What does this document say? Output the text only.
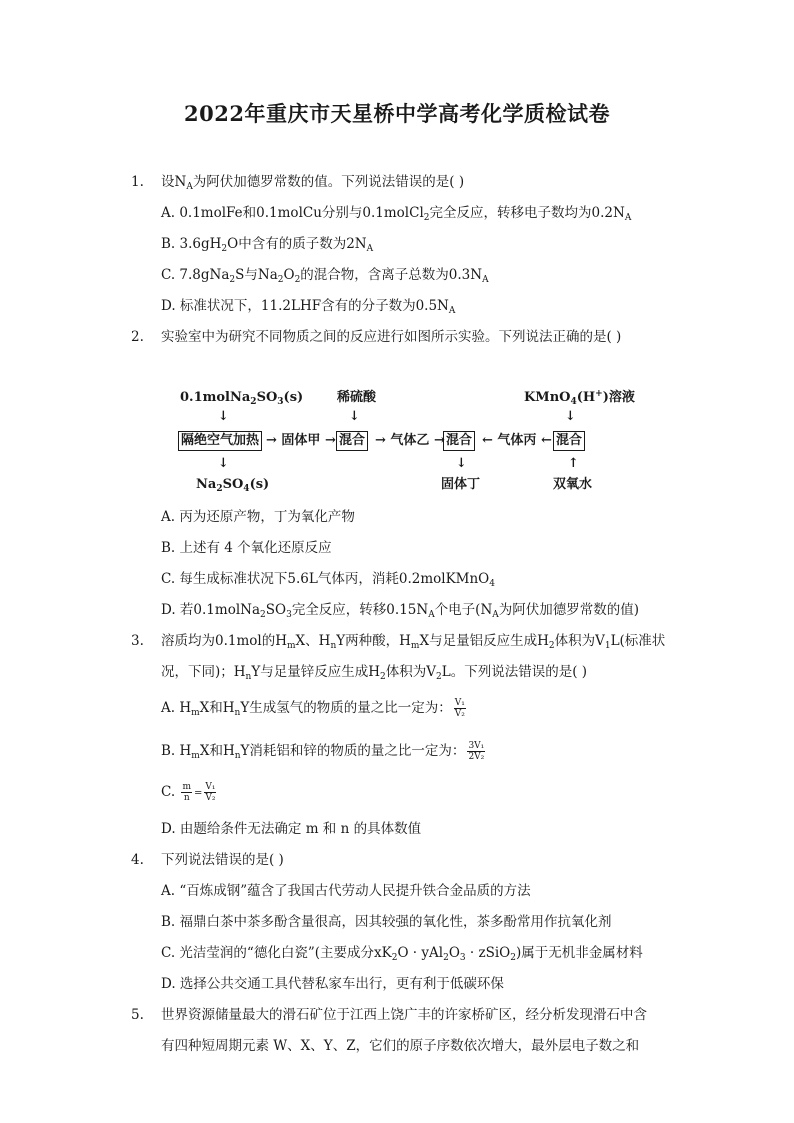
2022年重庆市天星桥中学高考化学质检试卷
1. 设$N_A$为阿伏加德罗常数的值。下列说法错误的是( )
A. 0.1molFe和0.1molCu分别与0.1molCl$_2$完全反应，转移电子数均为$0.2N_A$
B. $3.6gH_2O$中含有的质子数为$2N_A$
C. 7.8gNa$_2$S与$Na_2O_2$的混合物，含离子总数为$0.3N_A$
D. 标准状况下，11.2LHF含有的分子数为$0.5N_A$
2. 实验室中为研究不同物质之间的反应进行如图所示实验。下列说法正确的是( )
$0.1molNa_2SO_3(s)$	稀硫酸	KMnO$_4$(H+)溶液
↓	↓	↓
隔绝空气加热 → 固体甲 → 混合 → 气体乙 → 混合 ← 气体丙 ← 混合
↓	↓	↑
$Na_2SO_4(s)$	固体丁	双氧水
A. 丙为还原产物，丁为氧化产物
B. 上述有 4 个氧化还原反应
C. 每生成标准状况下5.6L气体丙，消耗0.2molKMnO$_4$
D. 若$0.1molNa_2SO_3$完全反应，转移$0.15N_A$个电子($N_A$为阿伏加德罗常数的值)
3. 溶质均为0.1mol的$H_mX$、$H_nY$两种酸，$H_mX$与足量铝反应生成$H_2$体积为$V_1L$(标准状
况，下同)；$H_nY$与足量锌反应生成$H_2$体积为$V_2L$。下列说法错误的是( )
A. $H_mX$和$H_nY$生成氢气的物质的量之比一定为： $\frac{\text{V₁}}{\text{V₂}}$
B. $H_mX$和$H_nY$消耗铝和锌的物质的量之比一定为： $\frac{\text{3V₁}}{\text{2V₂}}$
C. $\frac{m}{n} = \frac{\text{V₁}}{\text{V₂}}$
D. 由题给条件无法确定 m 和 n 的具体数值
4. 下列说法错误的是( )
A. “百炼成钢”蕴含了我国古代劳动人民提升铁合金品质的方法
B. 福鼎白茶中茶多酚含量很高，因其较强的氧化性，茶多酚常用作抗氧化剂
C. 光洁莹润的“德化白瓷”(主要成分$xK_2O \cdot yAl_2O_3$ · zSiO$_2$)属于无机非金属材料
D. 选择公共交通工具代替私家车出行，更有利于低碳环保
5. 世界资源储量最大的滑石矿位于江西上饶广丰的许家桥矿区，经分析发现滑石中含
有四种短周期元素 W、X、Y、Z，它们的原子序数依次增大，最外层电子数之和
